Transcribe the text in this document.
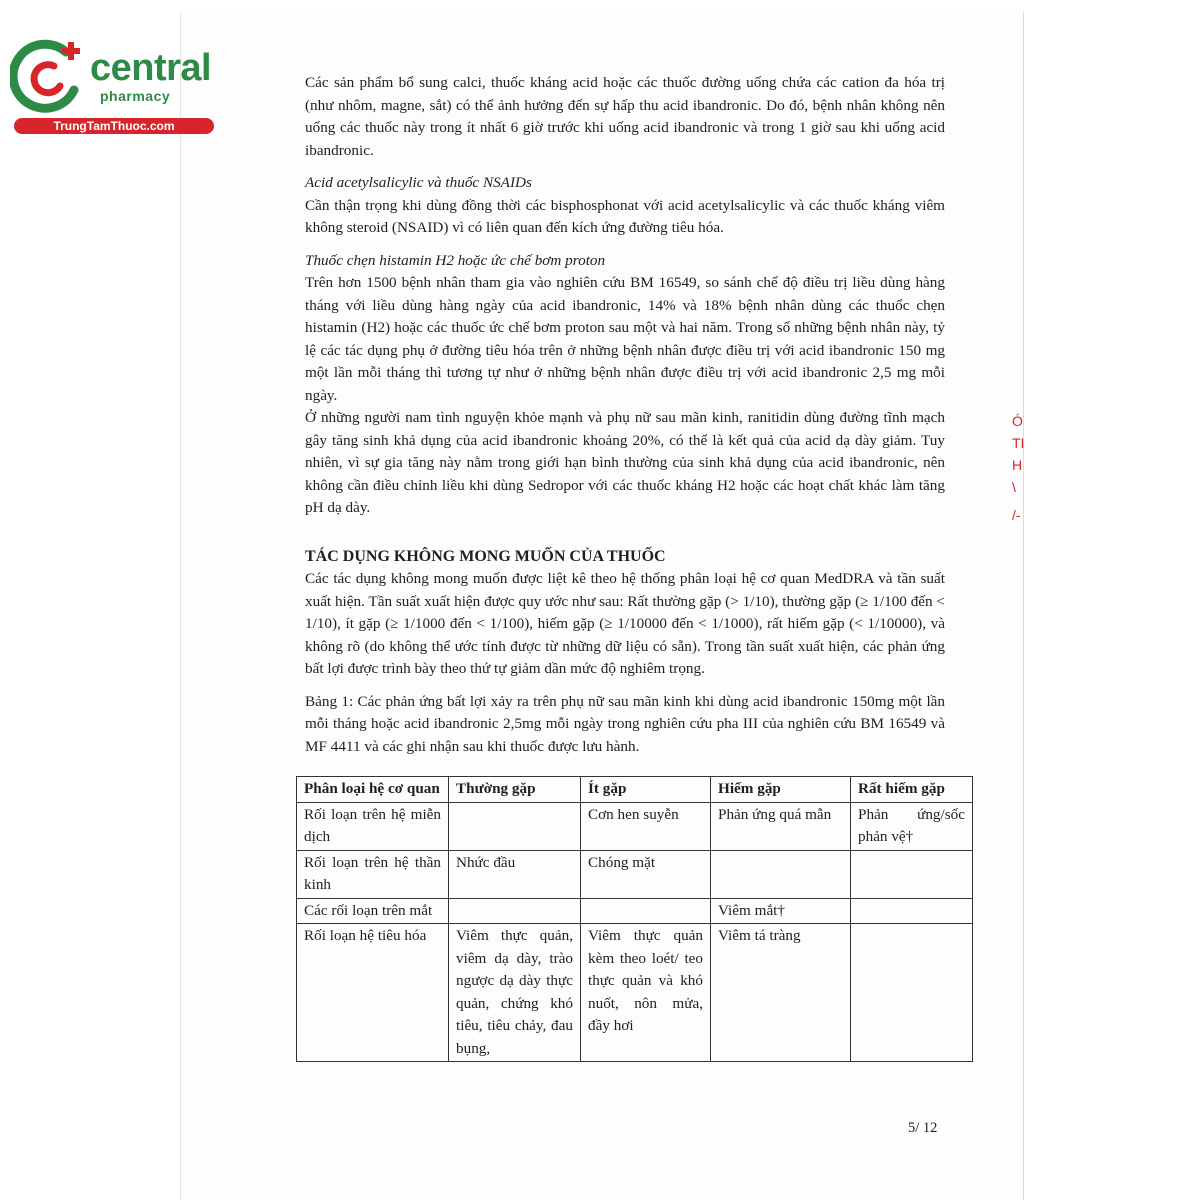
central
pharmacy
TrungTamThuoc.com
Ó
TI
H
\
/-

Các sản phẩm bổ sung calci, thuốc kháng acid hoặc các thuốc đường uống chứa các cation đa hóa trị (như nhôm, magne, sắt) có thể ảnh hưởng đến sự hấp thu acid ibandronic. Do đó, bệnh nhân không nên uống các thuốc này trong ít nhất 6 giờ trước khi uống acid ibandronic và trong 1 giờ sau khi uống acid ibandronic.

Acid acetylsalicylic và thuốc NSAIDs

Cần thận trọng khi dùng đồng thời các bisphosphonat với acid acetylsalicylic và các thuốc kháng viêm không steroid (NSAID) vì có liên quan đến kích ứng đường tiêu hóa.

Thuốc chẹn histamin H2 hoặc ức chế bơm proton

Trên hơn 1500 bệnh nhân tham gia vào nghiên cứu BM 16549, so sánh chế độ điều trị liều dùng hàng tháng với liều dùng hàng ngày của acid ibandronic, 14% và 18% bệnh nhân dùng các thuốc chẹn histamin (H2) hoặc các thuốc ức chế bơm proton sau một và hai năm. Trong số những bệnh nhân này, tỷ lệ các tác dụng phụ ở đường tiêu hóa trên ở những bệnh nhân được điều trị với acid ibandronic 150 mg một lần mỗi tháng thì tương tự như ở những bệnh nhân được điều trị với acid ibandronic 2,5 mg mỗi ngày.

Ở những người nam tình nguyện khỏe mạnh và phụ nữ sau mãn kinh, ranitidin dùng đường tĩnh mạch gây tăng sinh khả dụng của acid ibandronic khoảng 20%, có thể là kết quả của acid dạ dày giảm. Tuy nhiên, vì sự gia tăng này nằm trong giới hạn bình thường của sinh khả dụng của acid ibandronic, nên không cần điều chỉnh liều khi dùng Sedropor với các thuốc kháng H2 hoặc các hoạt chất khác làm tăng pH dạ dày.

TÁC DỤNG KHÔNG MONG MUỐN CỦA THUỐC

Các tác dụng không mong muốn được liệt kê theo hệ thống phân loại hệ cơ quan MedDRA và tần suất xuất hiện. Tần suất xuất hiện được quy ước như sau: Rất thường gặp (> 1/10), thường gặp (≥ 1/100 đến < 1/10), ít gặp (≥ 1/1000 đến < 1/100), hiếm gặp (≥ 1/10000 đến < 1/1000), rất hiếm gặp (< 1/10000), và không rõ (do không thể ước tính được từ những dữ liệu có sẵn). Trong tần suất xuất hiện, các phản ứng bất lợi được trình bày theo thứ tự giảm dần mức độ nghiêm trọng.

Bảng 1: Các phản ứng bất lợi xảy ra trên phụ nữ sau mãn kinh khi dùng acid ibandronic 150mg một lần mỗi tháng hoặc acid ibandronic 2,5mg mỗi ngày trong nghiên cứu pha III của nghiên cứu BM 16549 và MF 4411 và các ghi nhận sau khi thuốc được lưu hành.

Phân loại hệ cơ quan	Thường gặp	Ít gặp	Hiếm gặp	Rất hiếm gặp
Rối loạn trên hệ miễn dịch		Cơn hen suyễn	Phản ứng quá mẫn	Phản ứng/sốc phản vệ†
Rối loạn trên hệ thần kinh	Nhức đầu	Chóng mặt		
Các rối loạn trên mắt			Viêm mắt†	
Rối loạn hệ tiêu hóa	Viêm thực quản, viêm dạ dày, trào ngược dạ dày thực quản, chứng khó tiêu, tiêu chảy, đau bụng,	Viêm thực quản kèm theo loét/ teo thực quản và khó nuốt, nôn mửa, đầy hơi	Viêm tá tràng	
5/ 12
